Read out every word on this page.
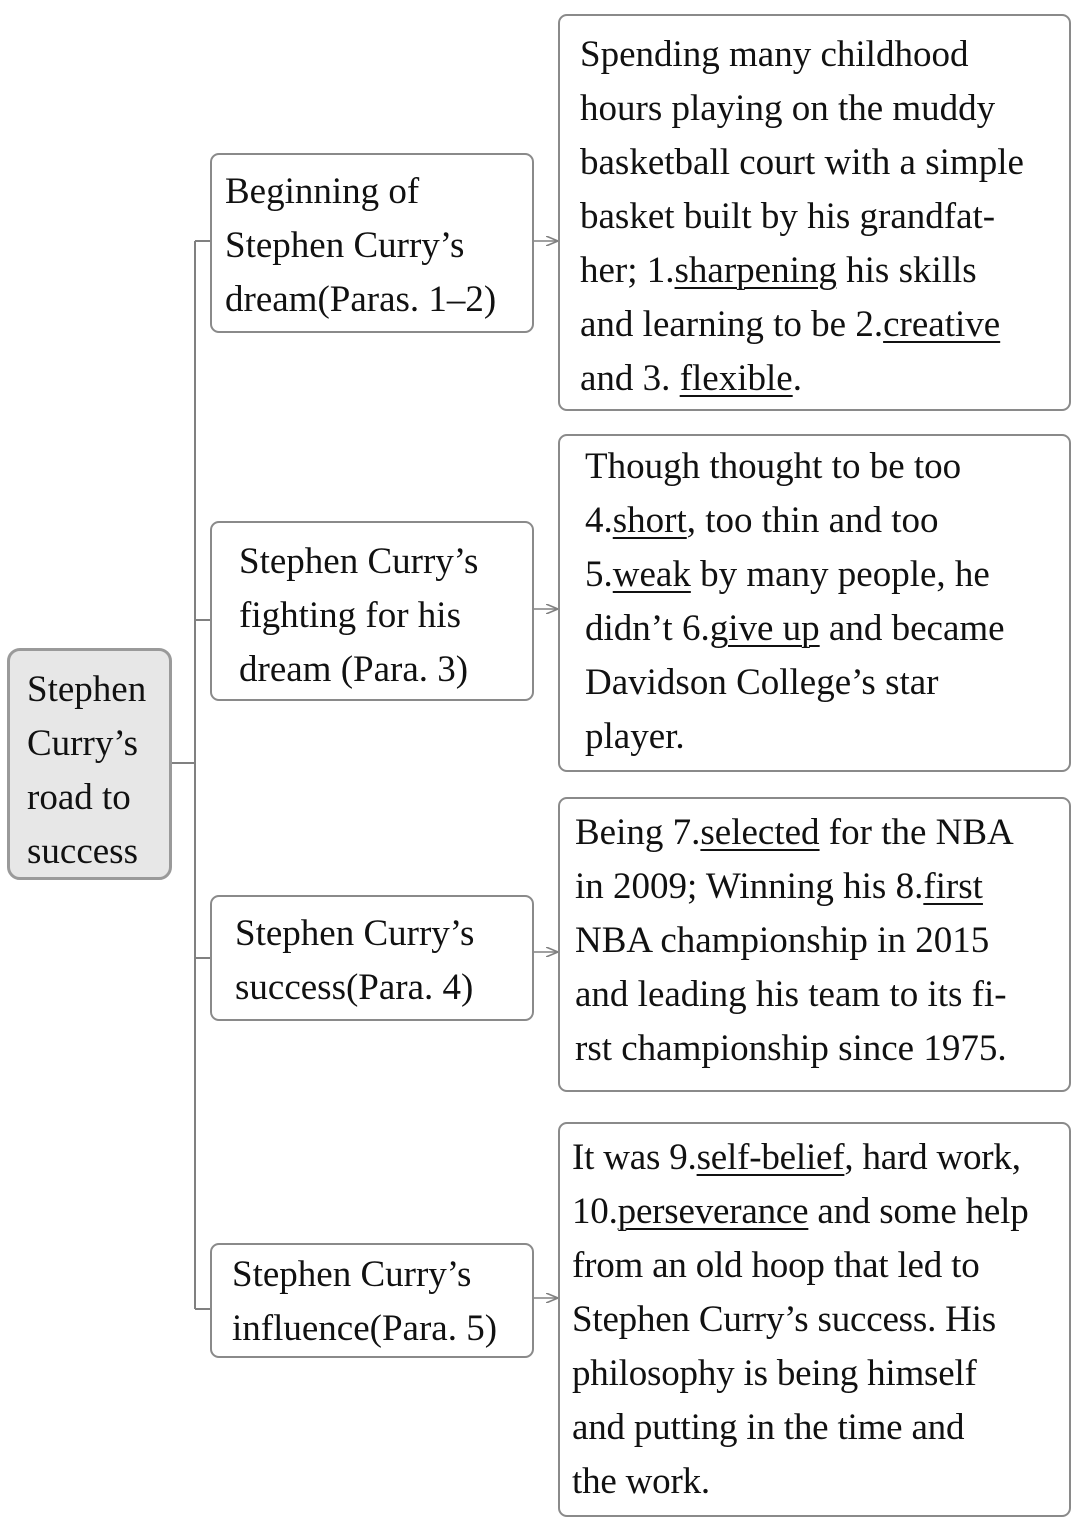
Stephen
Curry’s
road to
success
Beginning of
Stephen Curry’s
dream(Paras. 1–2)
Stephen Curry’s
fighting for his
dream (Para. 3)
Stephen Curry’s
success(Para. 4)
Stephen Curry’s
influence(Para. 5)
Spending many childhood
hours playing on the muddy
basketball court with a simple
basket built by his grandfat-
her; 1.sharpening his skills
and learning to be 2.creative
and 3. flexible.
Though thought to be too
4.short, too thin and too
5.weak by many people, he
didn’t 6.give up and became
Davidson College’s star
player.
Being 7.selected for the NBA
in 2009; Winning his 8.first
NBA championship in 2015
and leading his team to its fi-
rst championship since 1975.
It was 9.self-belief, hard work,
10.perseverance and some help
from an old hoop that led to
Stephen Curry’s success. His
philosophy is being himself
and putting in the time and
the work.
